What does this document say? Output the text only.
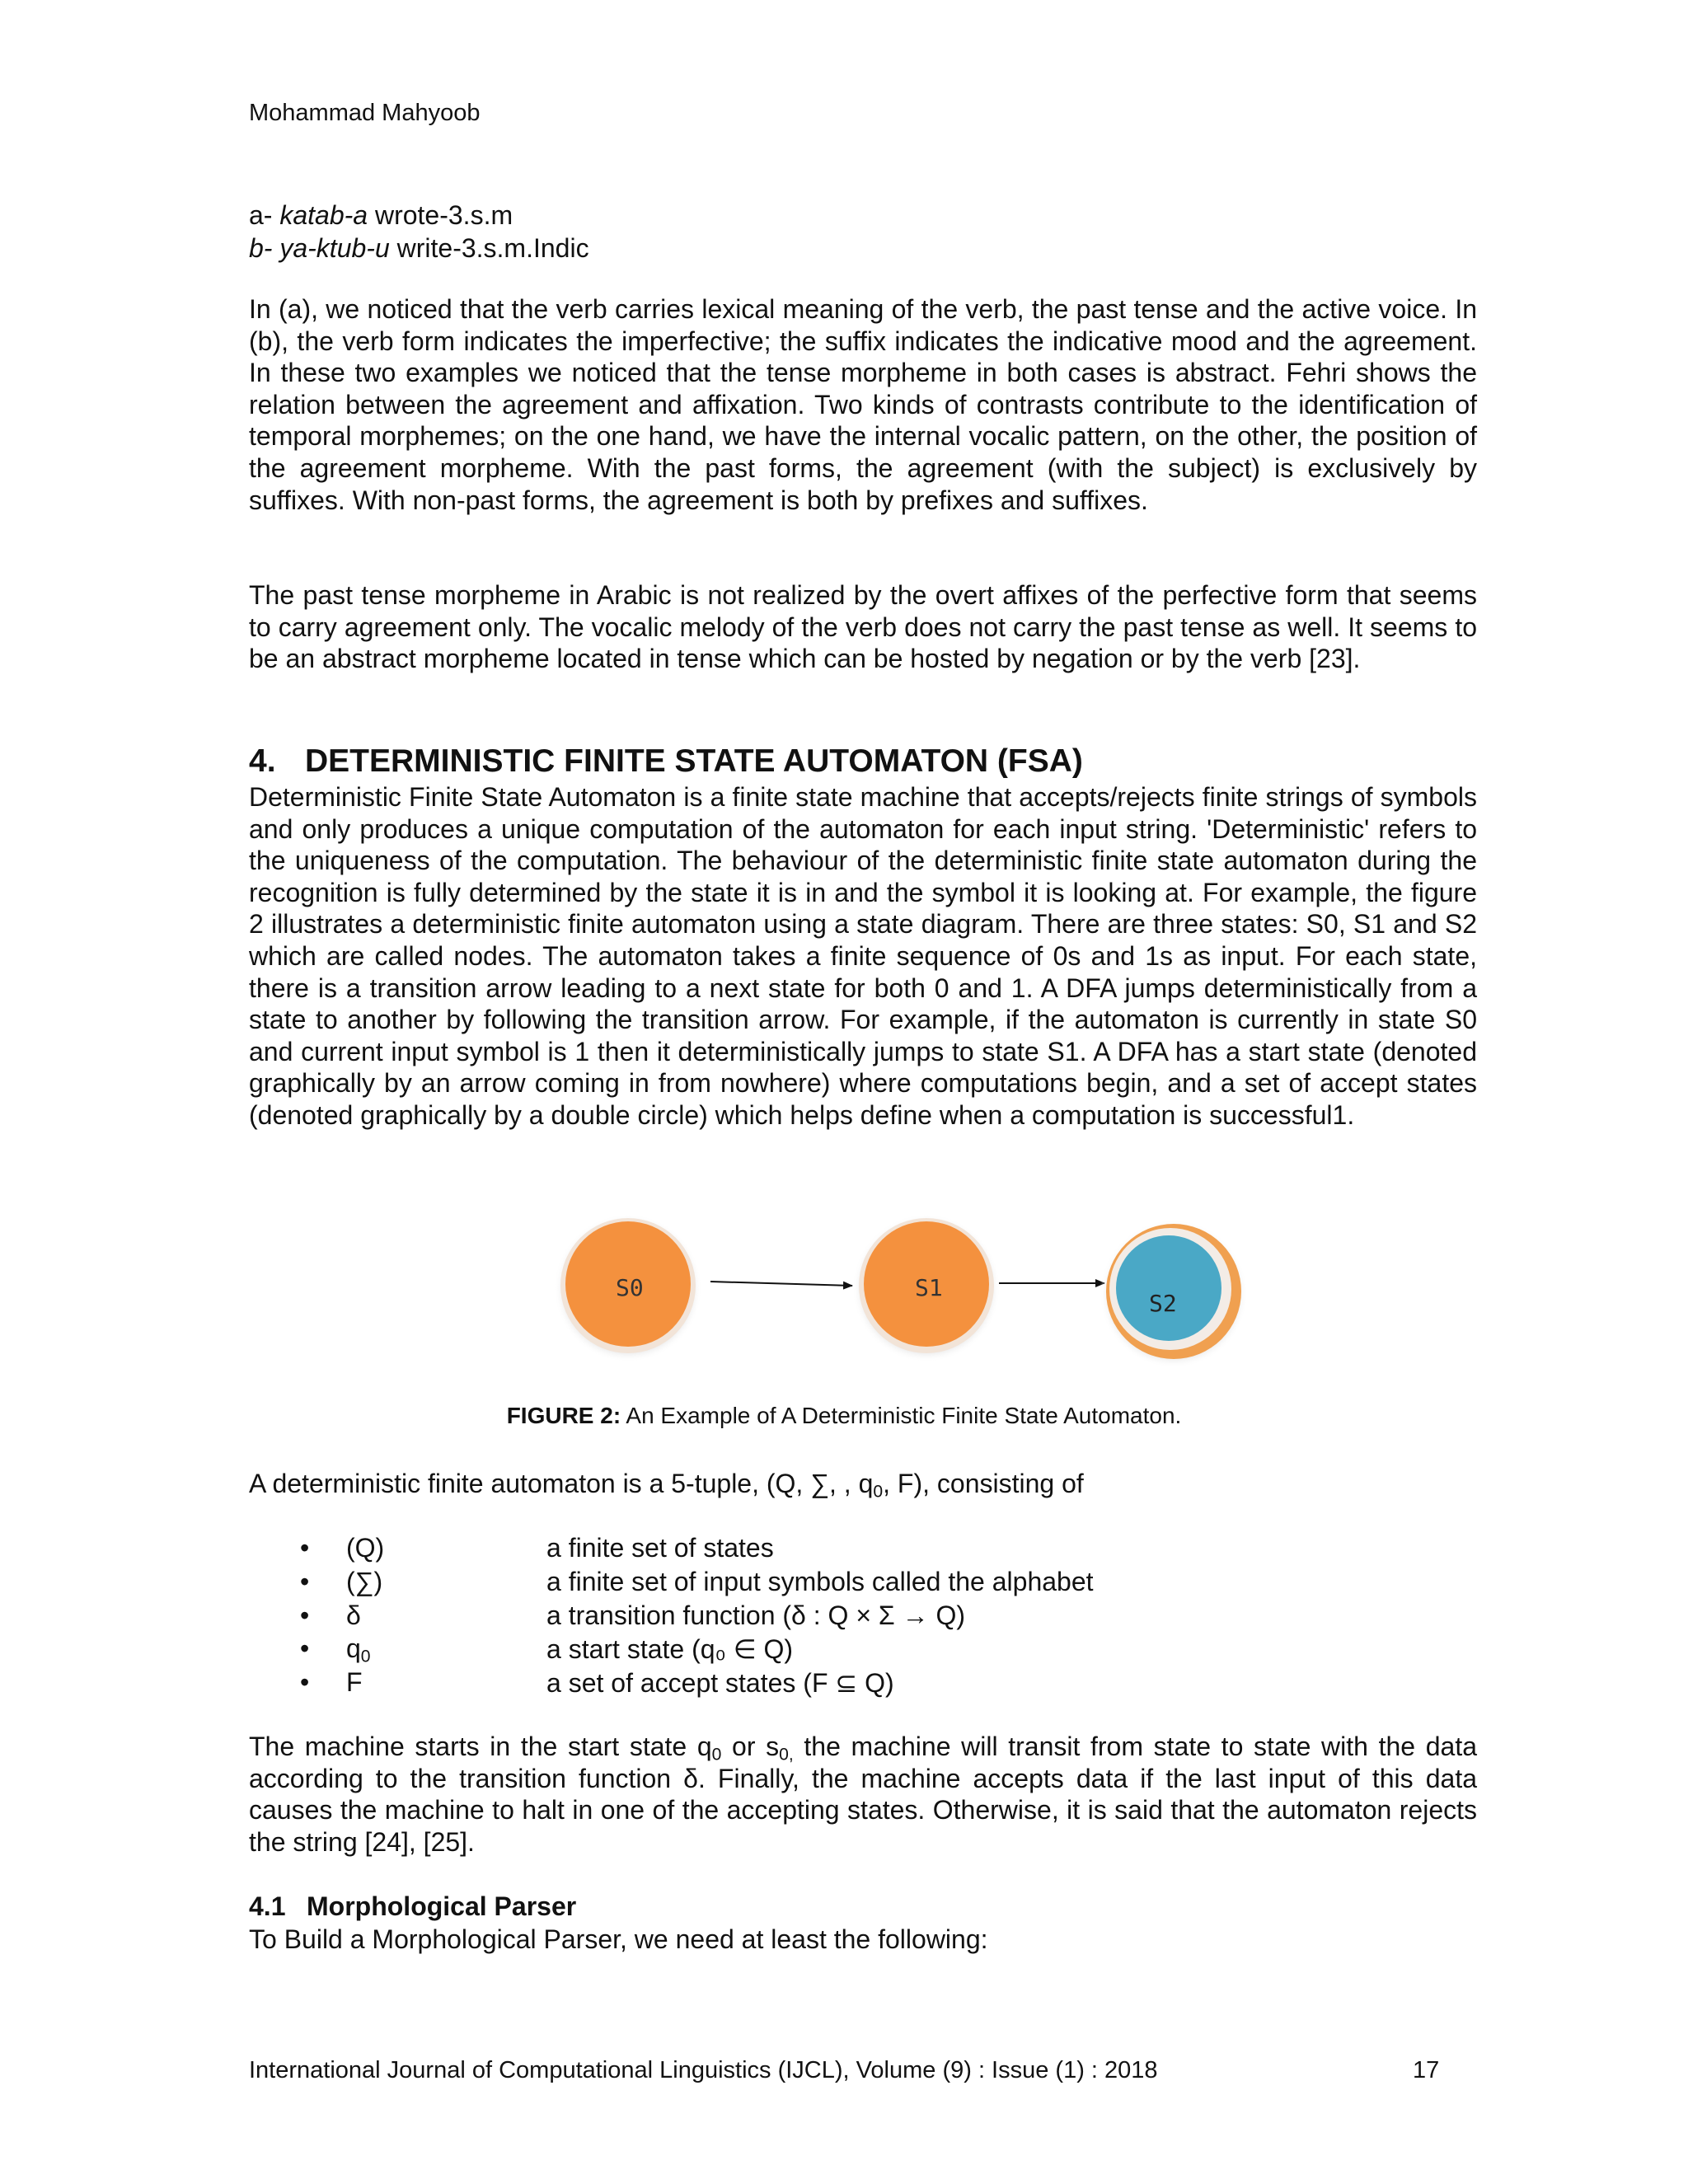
Mohammad Mahyoob
a- katab-a wrote-3.s.m
b- ya-ktub-u write-3.s.m.Indic
In (a), we noticed that the verb carries lexical meaning of the verb, the past tense and the active voice. In (b), the verb form indicates the imperfective; the suffix indicates the indicative mood and the agreement. In these two examples we noticed that the tense morpheme in both cases is abstract. Fehri shows the relation between the agreement and affixation. Two kinds of contrasts contribute to the identification of temporal morphemes; on the one hand, we have the internal vocalic pattern, on the other, the position of the agreement morpheme. With the past forms, the agreement (with the subject) is exclusively by suffixes. With non-past forms, the agreement is both by prefixes and suffixes.
The past tense morpheme in Arabic is not realized by the overt affixes of the perfective form that seems to carry agreement only. The vocalic melody of the verb does not carry the past tense as well. It seems to be an abstract morpheme located in tense which can be hosted by negation or by the verb [23].
4. DETERMINISTIC FINITE STATE AUTOMATON (FSA)
Deterministic Finite State Automaton is a finite state machine that accepts/rejects finite strings of symbols and only produces a unique computation of the automaton for each input string. 'Deterministic' refers to the uniqueness of the computation. The behaviour of the deterministic finite state automaton during the recognition is fully determined by the state it is in and the symbol it is looking at. For example, the figure 2 illustrates a deterministic finite automaton using a state diagram. There are three states: S0, S1 and S2 which are called nodes. The automaton takes a finite sequence of 0s and 1s as input. For each state, there is a transition arrow leading to a next state for both 0 and 1. A DFA jumps deterministically from a state to another by following the transition arrow. For example, if the automaton is currently in state S0 and current input symbol is 1 then it deterministically jumps to state S1. A DFA has a start state (denoted graphically by an arrow coming in from nowhere) where computations begin, and a set of accept states (denoted graphically by a double circle) which helps define when a computation is successful1.
S0	S1
S2
FIGURE 2: An Example of A Deterministic Finite State Automaton.
A deterministic finite automaton is a 5-tuple, (Q, ∑, , $q_0$, F), consisting of
• (Q)	a finite set of states
• (∑)	a finite set of input symbols called the alphabet
• δ	a transition function (δ : Q × Σ → Q)
• $q_0$	a start state (q₀ ∈ Q)
• F	a set of accept states (F ⊆ Q)
The machine starts in the start state $q_0$ or $s_{0,}$ the machine will transit from state to state with the data according to the transition function δ. Finally, the machine accepts data if the last input of this data causes the machine to halt in one of the accepting states. Otherwise, it is said that the automaton rejects the string [24], [25].
4.1 Morphological Parser
To Build a Morphological Parser, we need at least the following:
International Journal of Computational Linguistics (IJCL), Volume (9) : Issue (1) : 2018	17
